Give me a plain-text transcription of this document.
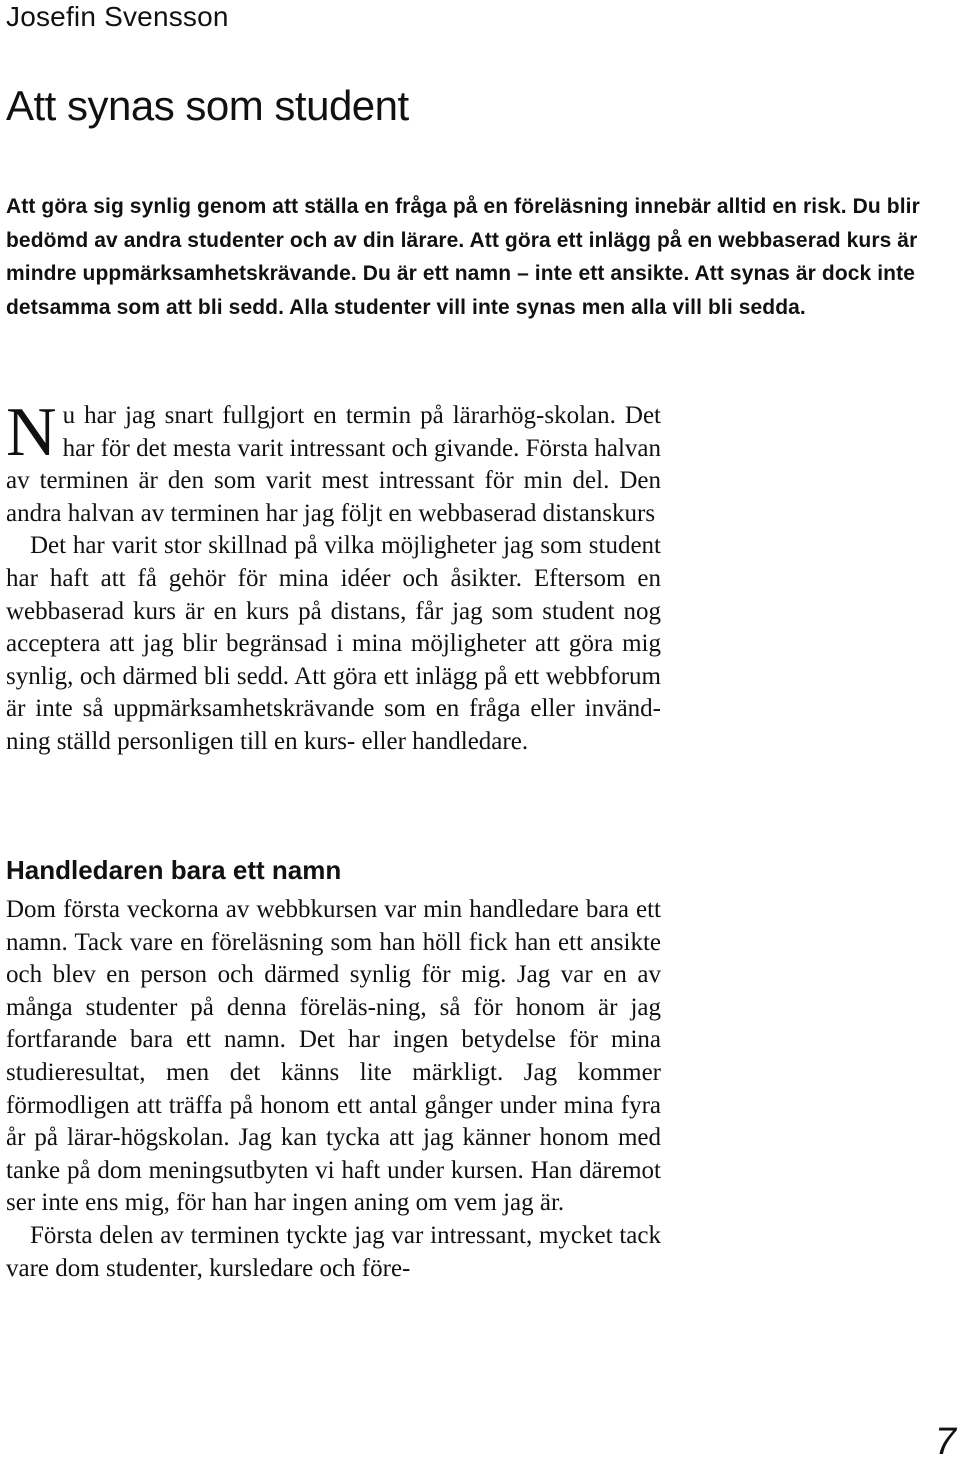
Josefin Svensson

Att synas som student

Att göra sig synlig genom att ställa en fråga på en föreläsning innebär alltid en risk. Du blir bedömd av andra studenter och av din lärare. Att göra ett inlägg på en webbaserad kurs är mindre uppmärksamhetskrävande. Du är ett namn – inte ett ansikte. Att synas är dock inte detsamma som att bli sedd. Alla studenter vill inte synas men alla vill bli sedda.

Nu har jag snart fullgjort en termin på lärarhög-skolan. Det har för det mesta varit intressant och givande. Första halvan av terminen är den som varit mest intressant för min del. Den andra halvan av terminen har jag följt en webbaserad distanskurs

Det har varit stor skillnad på vilka möjligheter jag som student har haft att få gehör för mina idéer och åsikter. Eftersom en webbaserad kurs är en kurs på distans, får jag som student nog acceptera att jag blir begränsad i mina möjligheter att göra mig synlig, och därmed bli sedd. Att göra ett inlägg på ett webbforum är inte så uppmärksamhetskrävande som en fråga eller invänd-ning ställd personligen till en kurs- eller handledare.

Handledaren bara ett namn

Dom första veckorna av webbkursen var min handledare bara ett namn. Tack vare en föreläsning som han höll fick han ett ansikte och blev en person och därmed synlig för mig. Jag var en av många studenter på denna föreläs-ning, så för honom är jag fortfarande bara ett namn. Det har ingen betydelse för mina studieresultat, men det känns lite märkligt. Jag kommer förmodligen att träffa på honom ett antal gånger under mina fyra år på lärar-högskolan. Jag kan tycka att jag känner honom med tanke på dom meningsutbyten vi haft under kursen. Han däremot ser inte ens mig, för han har ingen aning om vem jag är.

Första delen av terminen tyckte jag var intressant, mycket tack vare dom studenter, kursledare och före-

7
